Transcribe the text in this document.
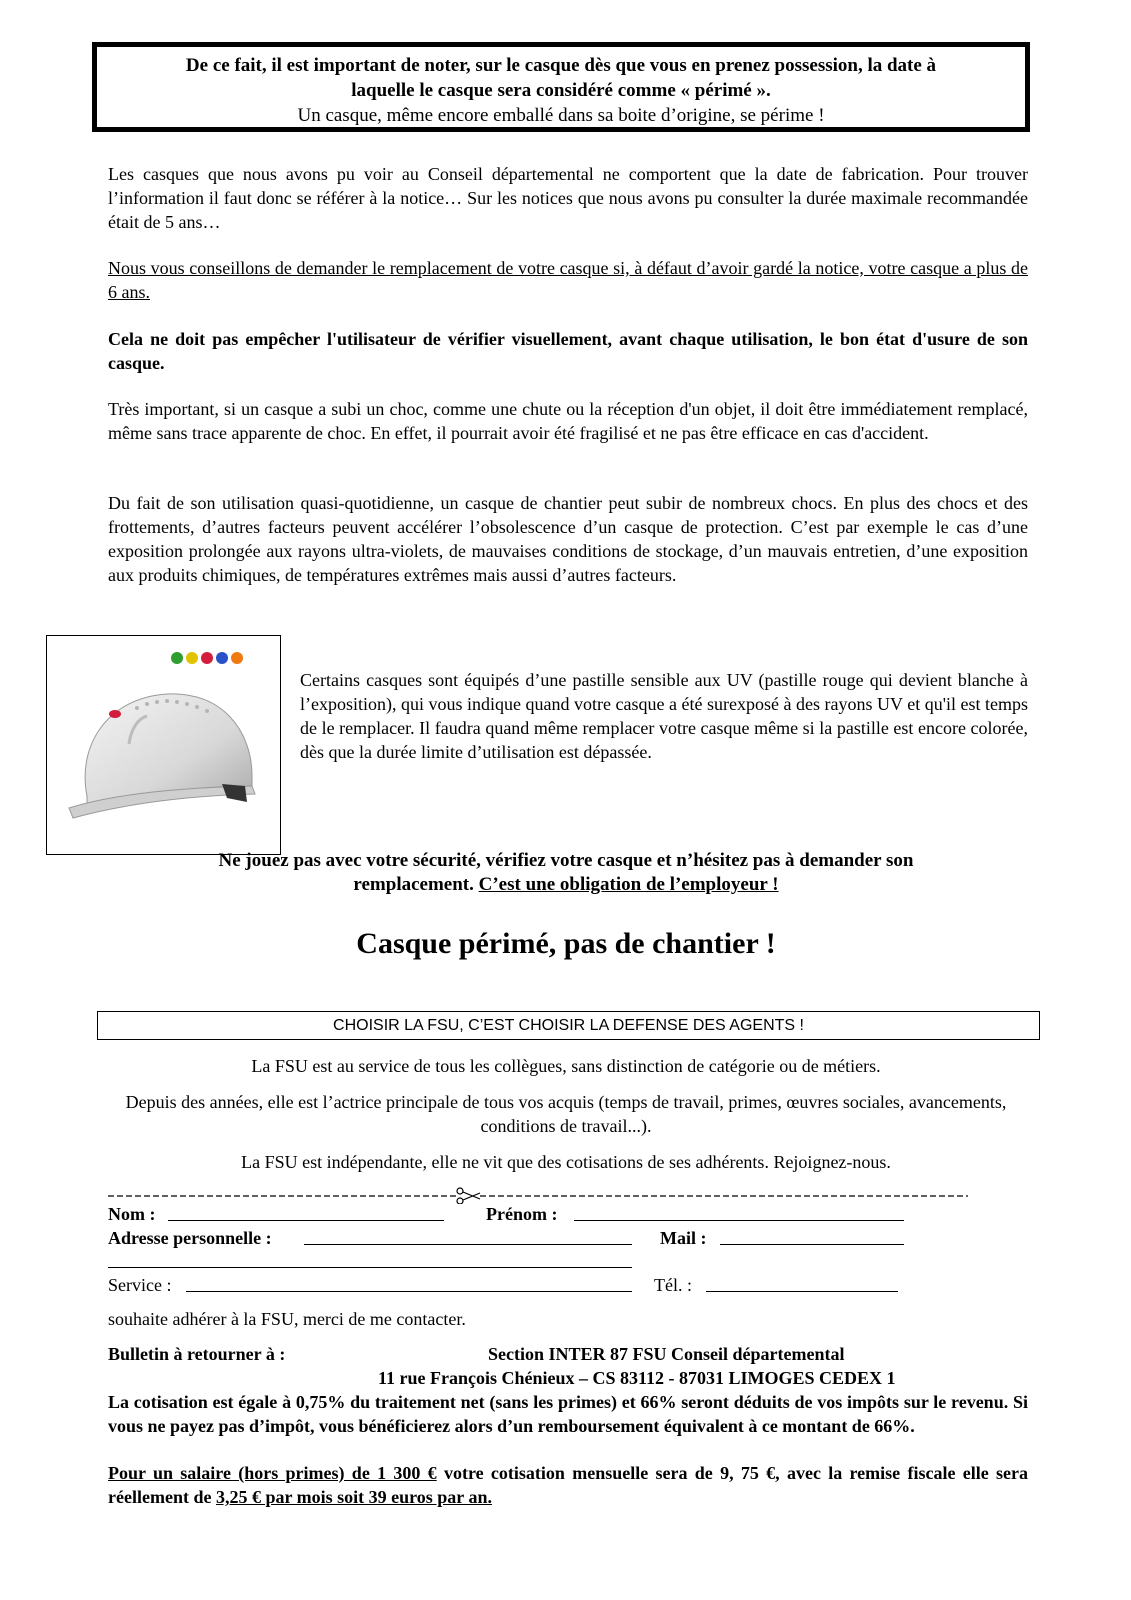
De ce fait, il est important de noter, sur le casque dès que vous en prenez possession, la date à
laquelle le casque sera considéré comme « périmé ».
Un casque, même encore emballé dans sa boite d’origine, se périme !
Les casques que nous avons pu voir au Conseil départemental ne comportent que la date de fabrication. Pour trouver l’information il faut donc se référer à la notice… Sur les notices que nous avons pu consulter la durée maximale recommandée était de 5 ans…
Nous vous conseillons de demander le remplacement de votre casque si, à défaut d’avoir gardé la notice, votre casque a plus de 6 ans.
Cela ne doit pas empêcher l'utilisateur de vérifier visuellement, avant chaque utilisation, le bon état d'usure de son casque.
Très important, si un casque a subi un choc, comme une chute ou la réception d'un objet, il doit être immédiatement remplacé, même sans trace apparente de choc. En effet, il pourrait avoir été fragilisé et ne pas être efficace en cas d'accident.
Du fait de son utilisation quasi-quotidienne, un casque de chantier peut subir de nombreux chocs. En plus des chocs et des frottements, d’autres facteurs peuvent accélérer l’obsolescence d’un casque de protection. C’est par exemple le cas d’une exposition prolongée aux rayons ultra-violets, de mauvaises conditions de stockage, d’un mauvais entretien, d’une exposition aux produits chimiques, de températures extrêmes mais aussi d’autres facteurs.
Certains casques sont équipés d’une pastille sensible aux UV (pastille rouge qui devient blanche à l’exposition), qui vous indique quand votre casque a été surexposé à des rayons UV et qu'il est temps de le remplacer. Il faudra quand même remplacer votre casque même si la pastille est encore colorée, dès que la durée limite d’utilisation est dépassée.
Ne jouez pas avec votre sécurité, vérifiez votre casque et n’hésitez pas à demander son
remplacement. C’est une obligation de l’employeur !
Casque périmé, pas de chantier !
CHOISIR LA FSU, C’EST CHOISIR LA DEFENSE DES AGENTS !
La FSU est au service de tous les collègues, sans distinction de catégorie ou de métiers.
Depuis des années, elle est l’actrice principale de tous vos acquis (temps de travail, primes, œuvres sociales, avancements, conditions de travail...).
La FSU est indépendante, elle ne vit que des cotisations de ses adhérents. Rejoignez-nous.
Nom :	Prénom :
Adresse personnelle :	Mail :
Service :	Tél. :
souhaite adhérer à la FSU, merci de me contacter.
Bulletin à retourner à :	Section INTER 87 FSU Conseil départemental
11 rue François Chénieux – CS 83112 - 87031 LIMOGES CEDEX 1
La cotisation est égale à 0,75% du traitement net (sans les primes) et 66% seront déduits de vos impôts sur le revenu. Si vous ne payez pas d’impôt, vous bénéficierez alors d’un remboursement équivalent à ce montant de 66%.
Pour un salaire (hors primes) de 1 300 € votre cotisation mensuelle sera de 9, 75 €, avec la remise fiscale elle sera réellement de 3,25 € par mois soit 39 euros par an.
